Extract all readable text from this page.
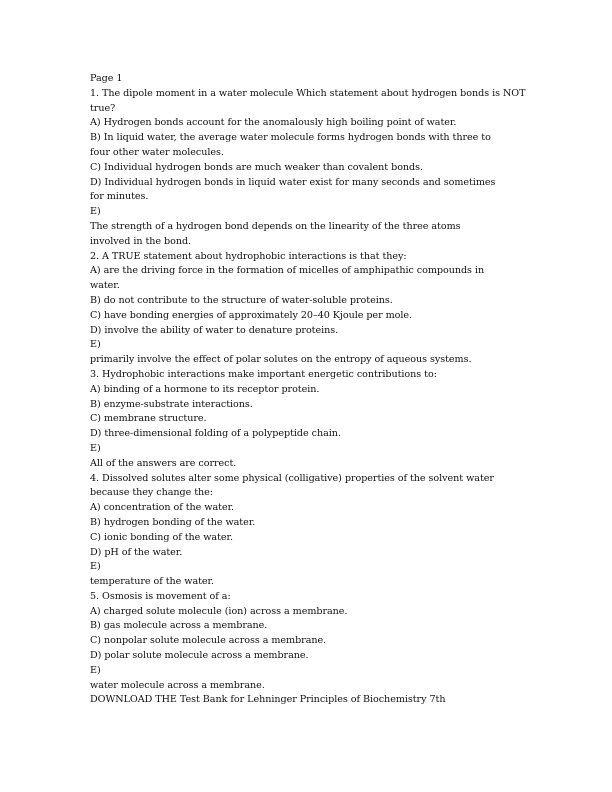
Page 1
1. The dipole moment in a water molecule Which statement about hydrogen bonds is NOT
true?
A) Hydrogen bonds account for the anomalously high boiling point of water.
B) In liquid water, the average water molecule forms hydrogen bonds with three to
four other water molecules.
C) Individual hydrogen bonds are much weaker than covalent bonds.
D) Individual hydrogen bonds in liquid water exist for many seconds and sometimes
for minutes.
E)
The strength of a hydrogen bond depends on the linearity of the three atoms
involved in the bond.
2. A TRUE statement about hydrophobic interactions is that they:
A) are the driving force in the formation of micelles of amphipathic compounds in
water.
B) do not contribute to the structure of water-soluble proteins.
C) have bonding energies of approximately 20–40 Kjoule per mole.
D) involve the ability of water to denature proteins.
E)
primarily involve the effect of polar solutes on the entropy of aqueous systems.
3. Hydrophobic interactions make important energetic contributions to:
A) binding of a hormone to its receptor protein.
B) enzyme-substrate interactions.
C) membrane structure.
D) three-dimensional folding of a polypeptide chain.
E)
All of the answers are correct.
4. Dissolved solutes alter some physical (colligative) properties of the solvent water
because they change the:
A) concentration of the water.
B) hydrogen bonding of the water.
C) ionic bonding of the water.
D) pH of the water.
E)
temperature of the water.
5. Osmosis is movement of a:
A) charged solute molecule (ion) across a membrane.
B) gas molecule across a membrane.
C) nonpolar solute molecule across a membrane.
D) polar solute molecule across a membrane.
E)
water molecule across a membrane.
DOWNLOAD THE Test Bank for Lehninger Principles of Biochemistry 7th
